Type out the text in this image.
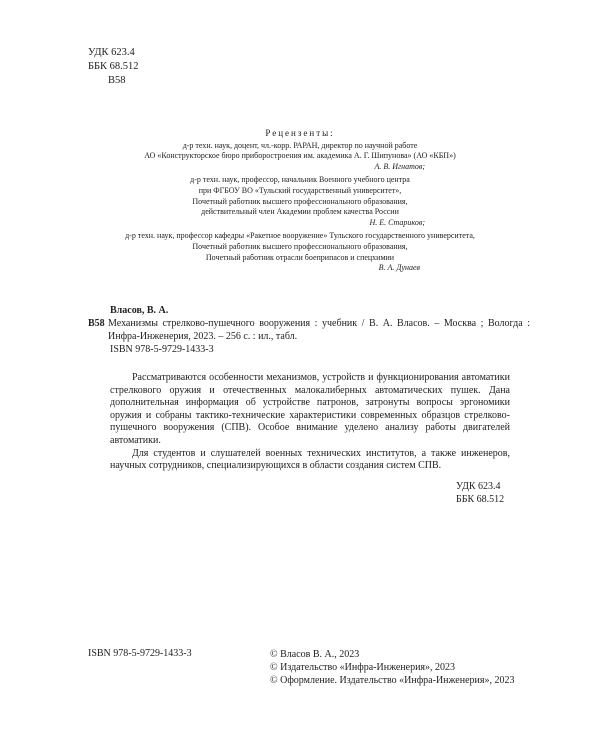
УДК 623.4
ББК 68.512
В58
Рецензенты:
д-р техн. наук, доцент, чл.-корр. РАРАН, директор по научной работе
АО «Конструкторское бюро приборостроения им. академика А. Г. Шипунова» (АО «КБП»)
А. В. Игнатов;
д-р техн. наук, профессор, начальник Военного учебного центра
при ФГБОУ ВО «Тульский государственный университет»,
Почетный работник высшего профессионального образования,
действительный член Академии проблем качества России
Н. Е. Стариков;
д-р техн. наук, профессор кафедры «Ракетное вооружение» Тульского государственного университета,
Почетный работник высшего профессионального образования,
Почетный работник отрасли боеприпасов и спецхимии
В. А. Дунаев
Власов, В. А.
В58 Механизмы стрелково-пушечного вооружения : учебник / В. А. Власов. – Москва ; Вологда : Инфра-Инженерия, 2023. – 256 с. : ил., табл.
ISBN 978-5-9729-1433-3

Рассматриваются особенности механизмов, устройств и функционирования автоматики стрелкового оружия и отечественных малокалиберных автоматических пушек. Дана дополнительная информация об устройстве патронов, затронуты вопросы эргономики оружия и собраны тактико-технические характеристики современных образцов стрелково-пушечного вооружения (СПВ). Особое внимание уделено анализу работы двигателей автоматики.

Для студентов и слушателей военных технических институтов, а также инженеров, научных сотрудников, специализирующихся в области создания систем СПВ.

УДК 623.4
ББК 68.512
ISBN 978-5-9729-1433-3	© Власов В. А., 2023
© Издательство «Инфра-Инженерия», 2023
© Оформление. Издательство «Инфра-Инженерия», 2023
